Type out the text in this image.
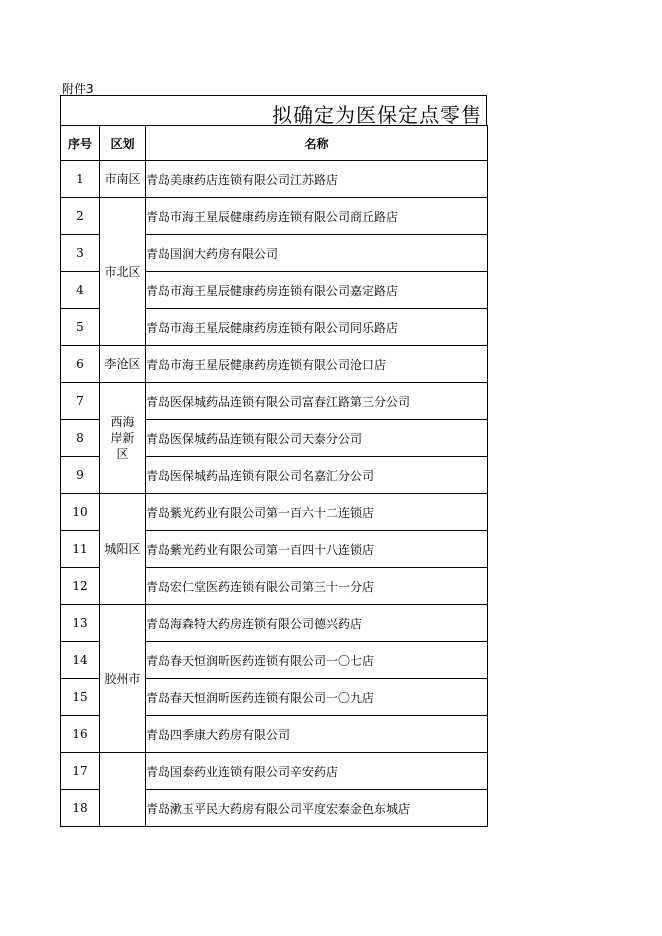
附件3
拟确定为医保定点零售
序号	区划	名称
1	市南区	青岛美康药店连锁有限公司江苏路店
2	市北区	青岛市海王星辰健康药房连锁有限公司商丘路店
3		青岛国润大药房有限公司
4		青岛市海王星辰健康药房连锁有限公司嘉定路店
5		青岛市海王星辰健康药房连锁有限公司同乐路店
6	李沧区	青岛市海王星辰健康药房连锁有限公司沧口店
7	西海岸新区	青岛医保城药品连锁有限公司富春江路第三分公司
8		青岛医保城药品连锁有限公司天泰分公司
9		青岛医保城药品连锁有限公司名嘉汇分公司
10	城阳区	青岛紫光药业有限公司第一百六十二连锁店
11		青岛紫光药业有限公司第一百四十八连锁店
12		青岛宏仁堂医药连锁有限公司第三十一分店
13	胶州市	青岛海森特大药房连锁有限公司德兴药店
14		青岛春天恒润昕医药连锁有限公司一〇七店
15		青岛春天恒润昕医药连锁有限公司一〇九店
16		青岛四季康大药房有限公司
17		青岛国泰药业连锁有限公司辛安药店
18		青岛漱玉平民大药房有限公司平度宏泰金色东城店
